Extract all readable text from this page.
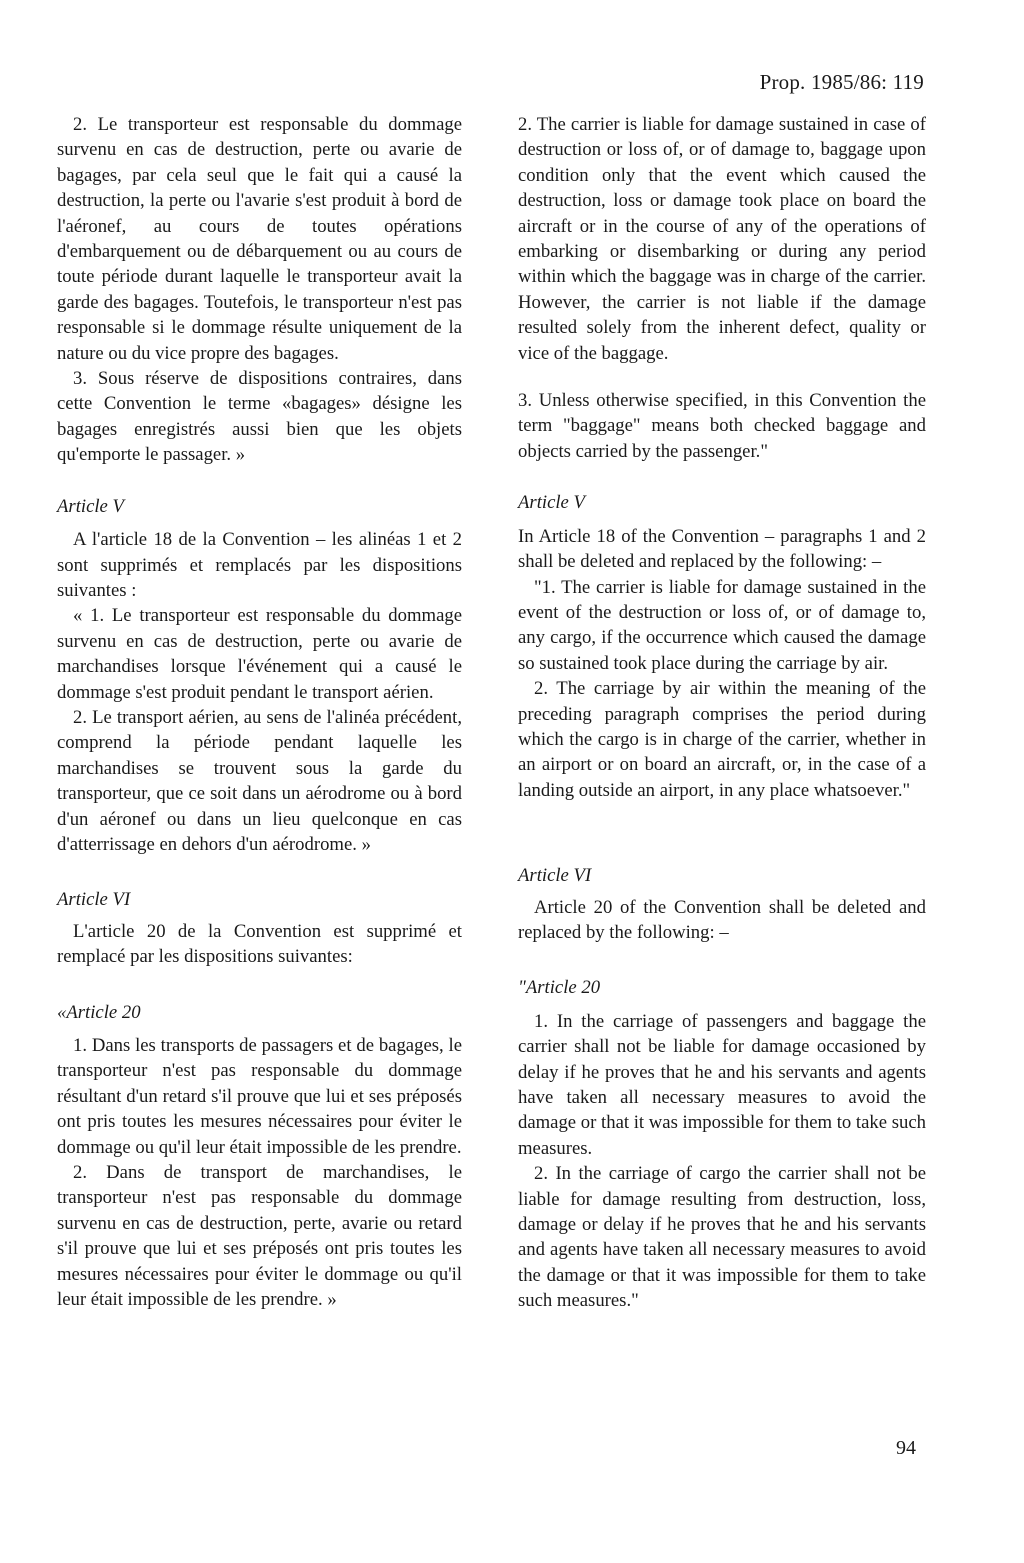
Prop. 1985/86: 119

2. Le transporteur est responsable du dommage survenu en cas de destruction, perte ou avarie de bagages, par cela seul que le fait qui a causé la destruction, la perte ou l'avarie s'est produit à bord de l'aéronef, au cours de toutes opérations d'embarquement ou de débarquement ou au cours de toute période durant laquelle le transporteur avait la garde des bagages. Toutefois, le transporteur n'est pas responsable si le dommage résulte uniquement de la nature ou du vice propre des bagages.

3. Sous réserve de dispositions contraires, dans cette Convention le terme «bagages» désigne les bagages enregistrés aussi bien que les objets qu'emporte le passager. »

Article V

A l'article 18 de la Convention – les alinéas 1 et 2 sont supprimés et remplacés par les dispositions suivantes :

« 1. Le transporteur est responsable du dommage survenu en cas de destruction, perte ou avarie de marchandises lorsque l'événement qui a causé le dommage s'est produit pendant le transport aérien.

2. Le transport aérien, au sens de l'alinéa précédent, comprend la période pendant laquelle les marchandises se trouvent sous la garde du transporteur, que ce soit dans un aérodrome ou à bord d'un aéronef ou dans un lieu quelconque en cas d'atterrissage en dehors d'un aérodrome. »

Article VI

L'article 20 de la Convention est supprimé et remplacé par les dispositions suivantes:

«Article 20

1. Dans les transports de passagers et de bagages, le transporteur n'est pas responsable du dommage résultant d'un retard s'il prouve que lui et ses préposés ont pris toutes les mesures nécessaires pour éviter le dommage ou qu'il leur était impossible de les prendre.

2. Dans de transport de marchandises, le transporteur n'est pas responsable du dommage survenu en cas de destruction, perte, avarie ou retard s'il prouve que lui et ses préposés ont pris toutes les mesures nécessaires pour éviter le dommage ou qu'il leur était impossible de les prendre. »

2. The carrier is liable for damage sustained in case of destruction or loss of, or of damage to, baggage upon condition only that the event which caused the destruction, loss or damage took place on board the aircraft or in the course of any of the operations of embarking or disembarking or during any period within which the baggage was in charge of the carrier. However, the carrier is not liable if the damage resulted solely from the inherent defect, quality or vice of the baggage.

3. Unless otherwise specified, in this Convention the term "baggage" means both checked baggage and objects carried by the passenger."

Article V

In Article 18 of the Convention – paragraphs 1 and 2 shall be deleted and replaced by the following: –

"1. The carrier is liable for damage sustained in the event of the destruction or loss of, or of damage to, any cargo, if the occurrence which caused the damage so sustained took place during the carriage by air.

2. The carriage by air within the meaning of the preceding paragraph comprises the period during which the cargo is in charge of the carrier, whether in an airport or on board an aircraft, or, in the case of a landing outside an airport, in any place whatsoever."

Article VI

Article 20 of the Convention shall be deleted and replaced by the following: –

"Article 20

1. In the carriage of passengers and baggage the carrier shall not be liable for damage occasioned by delay if he proves that he and his servants and agents have taken all necessary measures to avoid the damage or that it was impossible for them to take such measures.

2. In the carriage of cargo the carrier shall not be liable for damage resulting from destruction, loss, damage or delay if he proves that he and his servants and agents have taken all necessary measures to avoid the damage or that it was impossible for them to take such measures."

94
